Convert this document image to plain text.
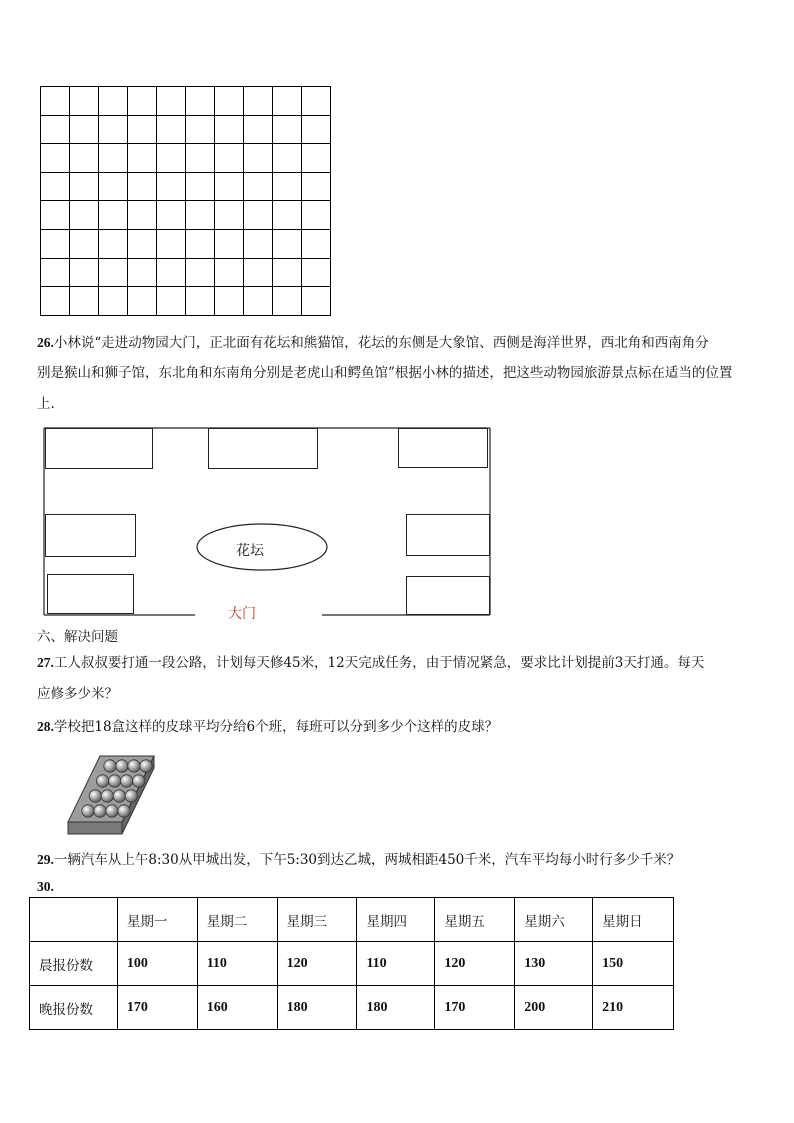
26.小林说“走进动物园大门，正北面有花坛和熊猫馆，花坛的东侧是大象馆、西侧是海洋世界，西北角和西南角分
别是猴山和狮子馆，东北角和东南角分别是老虎山和鳄鱼馆”根据小林的描述，把这些动物园旅游景点标在适当的位置
上.
花坛
大门
六、解决问题
27.工人叔叔要打通一段公路，计划每天修45米，12天完成任务，由于情况紧急，要求比计划提前3天打通。每天
应修多少米？
28.学校把18盒这样的皮球平均分给6个班，每班可以分到多少个这样的皮球？
29.一辆汽车从上午8:30从甲城出发，下午5:30到达乙城，两城相距450千米，汽车平均每小时行多少千米？
30.
	星期一	星期二	星期三	星期四	星期五	星期六	星期日
晨报份数	100	110	120	110	120	130	150
晚报份数	170	160	180	180	170	200	210
